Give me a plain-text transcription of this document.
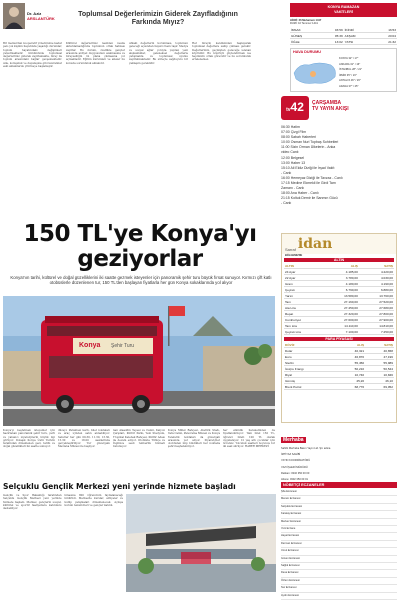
Dr. Aziz
ARSLANTÜRK
Toplumsal Değerlerimizin Giderek Zayıfladığının Farkında Mıyız?

Bir memurdan kooperatif yöneticisine kadar pek çok kişinin hayatında yaşadığı durumlar, toplum hayatındaki değişimleri yansıtmaktadır. Günümüzde toplumsal değerlerimiz giderek zayıflamakta, birey ile toplum arasındaki bağlar gevşemektedir. Aile, komşuluk ve dayanışma gibi kavramlar eski anlamlarını yitirmeye başlamıştır.

Kültürel değerlerimiz nesilden nesile aktarılamadığında toplumun ortak hafızası zayıflar. Bu durum, özellikle gençler arasında aidiyet duygusunun azalmasına ve bireyselliğin ön plana çıkmasına yol açmaktadır. Eğitim kurumları ve aileler bu konuda sorumluluk almalıdır.

Ahlaki değerlerin korunması, toplumun geleceği açısından hayati önem taşır. Medya ve sosyal ağlar yoluyla yayılan yeni alışkanlıklar, geleneksel değerlerle çatışmakta ve toplumsal uyumu zayıflatmaktadır. Bu süreçte sağduyulu bir yaklaşım gereklidir.

Her bireyin kendisinden başlayarak toplumsal değerlere sahip çıkması gerekir. Değerlerimiz, geçmişten geleceğe uzanan köprüdür. Bu köprüyü güçlendirmek ise hepimizin ortak görevidir ve bu sorumluluk ertelenemez.

KONYA RAMAZAN
VAKİTLERİ
HİCRİ: 26 Muharrem 1447
RUMİ: 10 Temmuz 1441
İMSAK	03:59	İKİNDİ	16:53
GÜNEŞ	05:39	AKŞAM	20:04
ÖĞLE	13:02	YATSI	21:32
HAVA DURUMU
KONYA 32° / 17°
ANKARA 31° / 16°
İSTANBUL 28° / 21°
İZMİR 35° / 23°
ANTALYA 36° / 26°
ADANA 37° / 25°
tv42	ÇARŞAMBA
TV YAYIN AKIŞI
06:30 Hatim
07:00 Çizgi Film
08:00 Sabah Haberleri
10:00 Osman Nuri Topbaş Sohbetleri
11:00 Sizin Orman Ülkelerin - Anka
video Canlı
12:00 Belgesel
13:00 Haber 13
15:10 Ali Eldiz Diziği ile İrşad Vakfı
- Canlı
16:00 Hemeyaz Diziği ile Tavzaz - Canlı
17:15 Medine Ekmekli ile Girdi Tam
Zamanı - Canlı
18:00 Ana Haber - Canlı
21:15 Koltuk Demir ile Sanmın Gücü
- Canlı
150 TL'ye Konya'yı geziyorlar
Konya'nın tarihi, kültürel ve doğal güzelliklerini iki saatte gezmek isteyenler için panoramik şehir turu büyük fırsat sunuyor. Kırmızı çift katlı otobüslerle düzenlenen tur, 150 TL'den başlayan fiyatlarla her gün Konya sokaklarında yol alıyor
Konya Şehir Turu

Konya'yı keşfetmek isteyenler için hazırlanan panoramik şehir turu, yerli ve yabancı ziyaretçilerin büyük ilgi görüyor. Dolaşık Konya Üstü Turizm tarafından düzenlenen gezi, tarihi ve doğal güzellikleri iki saatte sunuyor.

düzeyi. Paranben kartı, bilet noktaları ve araç içinden satın alınabiliyor. Seferler her gün 09.30, 11.30, 13.30, 15.30 ve 18.00 saatlerinde gerçekleştiriliyor. Tur güzergahı Mevlana Müzesi ile başlıyor.

nan Alaaddin Tepesi ve Camii, Kalyon Çarşıları, Kültür Parkı, Yeni Stadyum, Tropikal Kelebek Bahçesi, Kültür Adası ile devam ediyor. Otobüste Türkçe ve İngilizce sesli rehberlik hizmeti bulunuyor.

Konya Millet Bahçesi, Atatürk Stadı, Vefa Camii, Panorama Müzesi ve Konya Teleferik noktaları da güzergah arasında yer alıyor. Ziyaretçiler otobüsten inip bindikleri her noktada şehri keşfedebiliyor.

her etkinlik hareketinden de fiyatlandırılıyor. Tam bilet 150 TL, öğrenci bileti 100 TL olarak uygulanıyor. 12 yaş altı çocuklar için ücretsiz. Yolculuk saatleri boyunca tur iki saat sürüyor. HABER MERKEZİ

Sarraf idan
BÖLGEMIZDE
ALTIN
ALTIN	ALIŞ	SATIŞ
24 Ayar	4.185,00	4.220,00
22 Ayar	3.780,00	4.030,00
Gram	4.180,00	4.190,00
Çeyrek	6.790,00	6.880,00
Yarım	13.580,00	13.760,00
Tam	27.160,00	27.520,00
Ata Lira	27.450,00	27.680,00
Reşat	27.320,00	27.800,00
Cumhuriyet	27.600,00	27.900,00
Tam Lira	14.110,00	14.810,00
Çeyrek Lira	7.100,00	7.250,00
PARA PİYASASI
DÖVİZ	ALIŞ	SATIŞ
Dolar	40,321	40,658
Euro	46,870	47,196
Sterlin	55,450	55,989
İsviçre Frangı	50,210	50,544
Riyal	10,740	10,846
Gümüş	45,20	46,10
Brent Petrol	68,776	69,052
Merhaba
Sahibi Merhaba Basın Yayın Ltd. Şti. adına
İMTİYAZ SAHİBİ
YAYIN KOORDİNATÖRÜ
YAZI İŞLERİ MÜDÜRÜ
Reklam: 0332 350 00 00
Abone: 0332 350 00 01
Selçuklu Gençlik Merkezi yeni yerinde hizmete başladı

Gençlik ve Spor Bakanlığı tarafından Selçuklu Gençlik Merkezi yeni yerinde hizmete başladı. Merkez, gençlerin sosyal, kültürel ve sportif faaliyetlere katılımını destekliyor.

binasına 800 öğrencinin faydalanacağı bildirildi. Merkezde kurslar, atölyeler ve kulüp çalışmaları düzenlenecek. Açılışa kurum temsilcileri ve gençler katıldı.

NÖBETÇİ ECZANELER
Şifa Eczanesi
Meram Eczanesi
Selçuklu Eczanesi
Karatay Eczanesi
Merkez Eczanesi
Yeni Eczane
Hayat Eczanesi
Derman Eczanesi
Umut Eczanesi
Güven Eczanesi
Sağlık Eczanesi
Deva Eczanesi
Özlem Eczanesi
Nur Eczanesi
Aydın Eczanesi
